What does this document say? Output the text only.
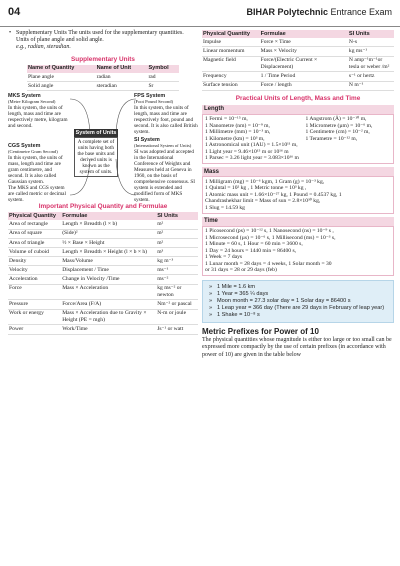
04	BIHAR Polytechnic Entrance Exam
• Supplementary Units The units used for the supplementary quantities. Units of plane angle and solid angle.
e.g., radian, steradian.
Supplementary Units
Name of Quantity	Name of Unit	Symbol
Plane angle	radian	rad
Solid angle	steradian	Sr
MKS System
(Metre Kilogram Second)
In this system, the units of length, mass and time are respectively metre, kilogram and second.
CGS System
(Centimetre Gram Second)
In this system, the units of mass, length and time are gram centimetre, and second. It is also called Gaussian system.
The MKS and CGS system are called metric or decimal system.
System of Units
A complete set of units having both the base units and derived units is known as the system of units.
FPS System
(Foot Pound Second)
In this system, the units of length, mass and time are respectively foot, pound and second. It is also called British system.
SI System
(International System of Units)
SI was adopted and accepted in the International Conference of Weights and Measures held at Geneva in 1960, on the basis of comprehensive consensus. SI system is extended and modified form of MKS system.
Important Physical Quantity and Formulae
Physical Quantity	Formulae	SI Units
Area of rectangle	Length × Breadth (l × b)	m²
Area of square	(Side)²	m²
Area of triangle	½ × Base × Height	m²
Volume of cuboid	Length × Breadth × Height (l × b × h)	m³
Density	Mass/Volume	kg m⁻³
Velocity	Displacement / Time	ms⁻¹
Acceleration	Change in Velocity /Time	ms⁻²
Force	Mass × Acceleration	kg ms⁻² or newton
Pressure	Force/Area (F/A)	Nm⁻² or pascal
Work or energy	Mass × Acceleration due to Gravity × Height (PE = mgh)	N-m or joule
Power	Work/Time	Js⁻¹ or watt
Physical Quantity	Formulae	SI Units
Impulse	Force × Time	N-s
Linear momentum	Mass × Velocity	kg ms⁻¹
Magnetic field	Force/(Electric Current × Displacement)	N amp⁻¹m⁻¹or tesla or weber /m²
Frequency	1 / Time Period	s⁻¹ or hertz
Surface tension	Force / length	N m⁻¹
Practical Units of Length, Mass and Time
Length
1 Fermi = 10⁻¹⁵ m,	1 Angstrom (Å) = 10⁻¹⁰ m,
1 Nanometre (nm) = 10⁻⁹ m,	1 Micrometre (µm) = 10⁻⁶ m,
1 Millimetre (mm) = 10⁻³ m,	1 Centimetre (cm) = 10⁻² m,
1 Kilometre (km) = 10³ m,	1 Terametre = 10⁻¹² m,
1 Astronomical unit (1AU) = 1.5×10¹¹ m,
1 Light year = 9.46×10¹⁵ m or 10¹⁶ m
1 Parsec = 3.26 light year = 3.083×10¹⁶ m
Mass
1 Milligram (mg) = 10⁻⁶ kgm, 1 Gram (g) = 10⁻³ kg,
1 Quintal = 10² kg , 1 Metric tonne = 10³ kg ,
1 Atomic mass unit = 1.66×10⁻²⁷ kg, 1 Pound = 0.4537 kg, 1
Chandrashekhar limit = Mass of sun = 2.8×10³⁰ kg,
1 Slug = 14.59 kg
Time
1 Picosecond (ps) = 10⁻¹² s, 1 Nanosecond (ns) = 10⁻⁹ s ,
1 Microsecond (µs) = 10⁻⁶ s, 1 Millisecond (ms) = 10⁻³ s,
1 Minute = 60 s, 1 Hour = 60 min = 3600 s,
1 Day = 24 hours = 1440 min = 86400 s,
1 Week = 7 days
1 Lunar month = 28 days = 4 weeks, 1 Solar month = 30
or 31 days = 28 or 29 days (feb)
» 1 Mile = 1.6 km
» 1 Year = 365 ¼ days
» Moon month = 27.3 solar day = 1 Solar day = 86400 s
» 1 Leap year = 366 day (There are 29 days in February of leap year)
» 1 Shake = 10⁻⁸ s
Metric Prefixes for Power of 10
The physical quantities whose magnitude is either too large or too small can be expressed more compactly by the use of certain prefixes (in accordance with power of 10) are given in the table below
